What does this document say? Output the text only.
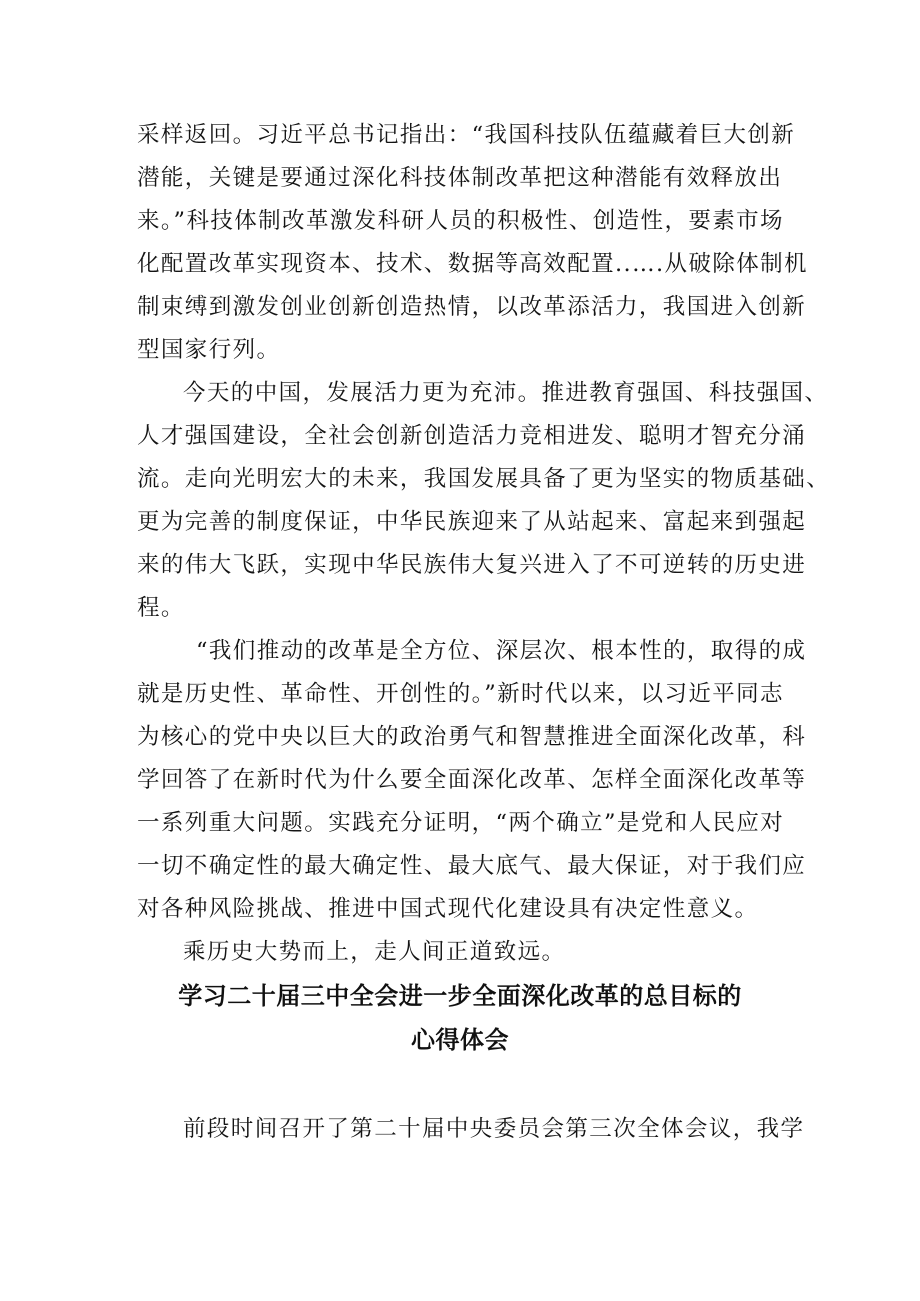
采样返回。习近平总书记指出：“我国科技队伍蕴藏着巨大创新
潜能，关键是要通过深化科技体制改革把这种潜能有效释放出
来。”科技体制改革激发科研人员的积极性、创造性，要素市场
化配置改革实现资本、技术、数据等高效配置..….从破除体制机
制束缚到激发创业创新创造热情，以改革添活力，我国进入创新
型国家行列。
今天的中国，发展活力更为充沛。推进教育强国、科技强国、
人才强国建设，全社会创新创造活力竞相进发、聪明才智充分涌
流。走向光明宏大的未来，我国发展具备了更为坚实的物质基础、
更为完善的制度保证，中华民族迎来了从站起来、富起来到强起
来的伟大飞跃，实现中华民族伟大复兴进入了不可逆转的历史进
程。
“我们推动的改革是全方位、深层次、根本性的，取得的成
就是历史性、革命性、开创性的。”新时代以来，以习近平同志
为核心的党中央以巨大的政治勇气和智慧推进全面深化改革，科
学回答了在新时代为什么要全面深化改革、怎样全面深化改革等
一系列重大问题。实践充分证明，“两个确立”是党和人民应对
一切不确定性的最大确定性、最大底气、最大保证，对于我们应
对各种风险挑战、推进中国式现代化建设具有决定性意义。
乘历史大势而上，走人间正道致远。
学习二十届三中全会进一步全面深化改革的总目标的
心得体会
前段时间召开了第二十届中央委员会第三次全体会议，我学
